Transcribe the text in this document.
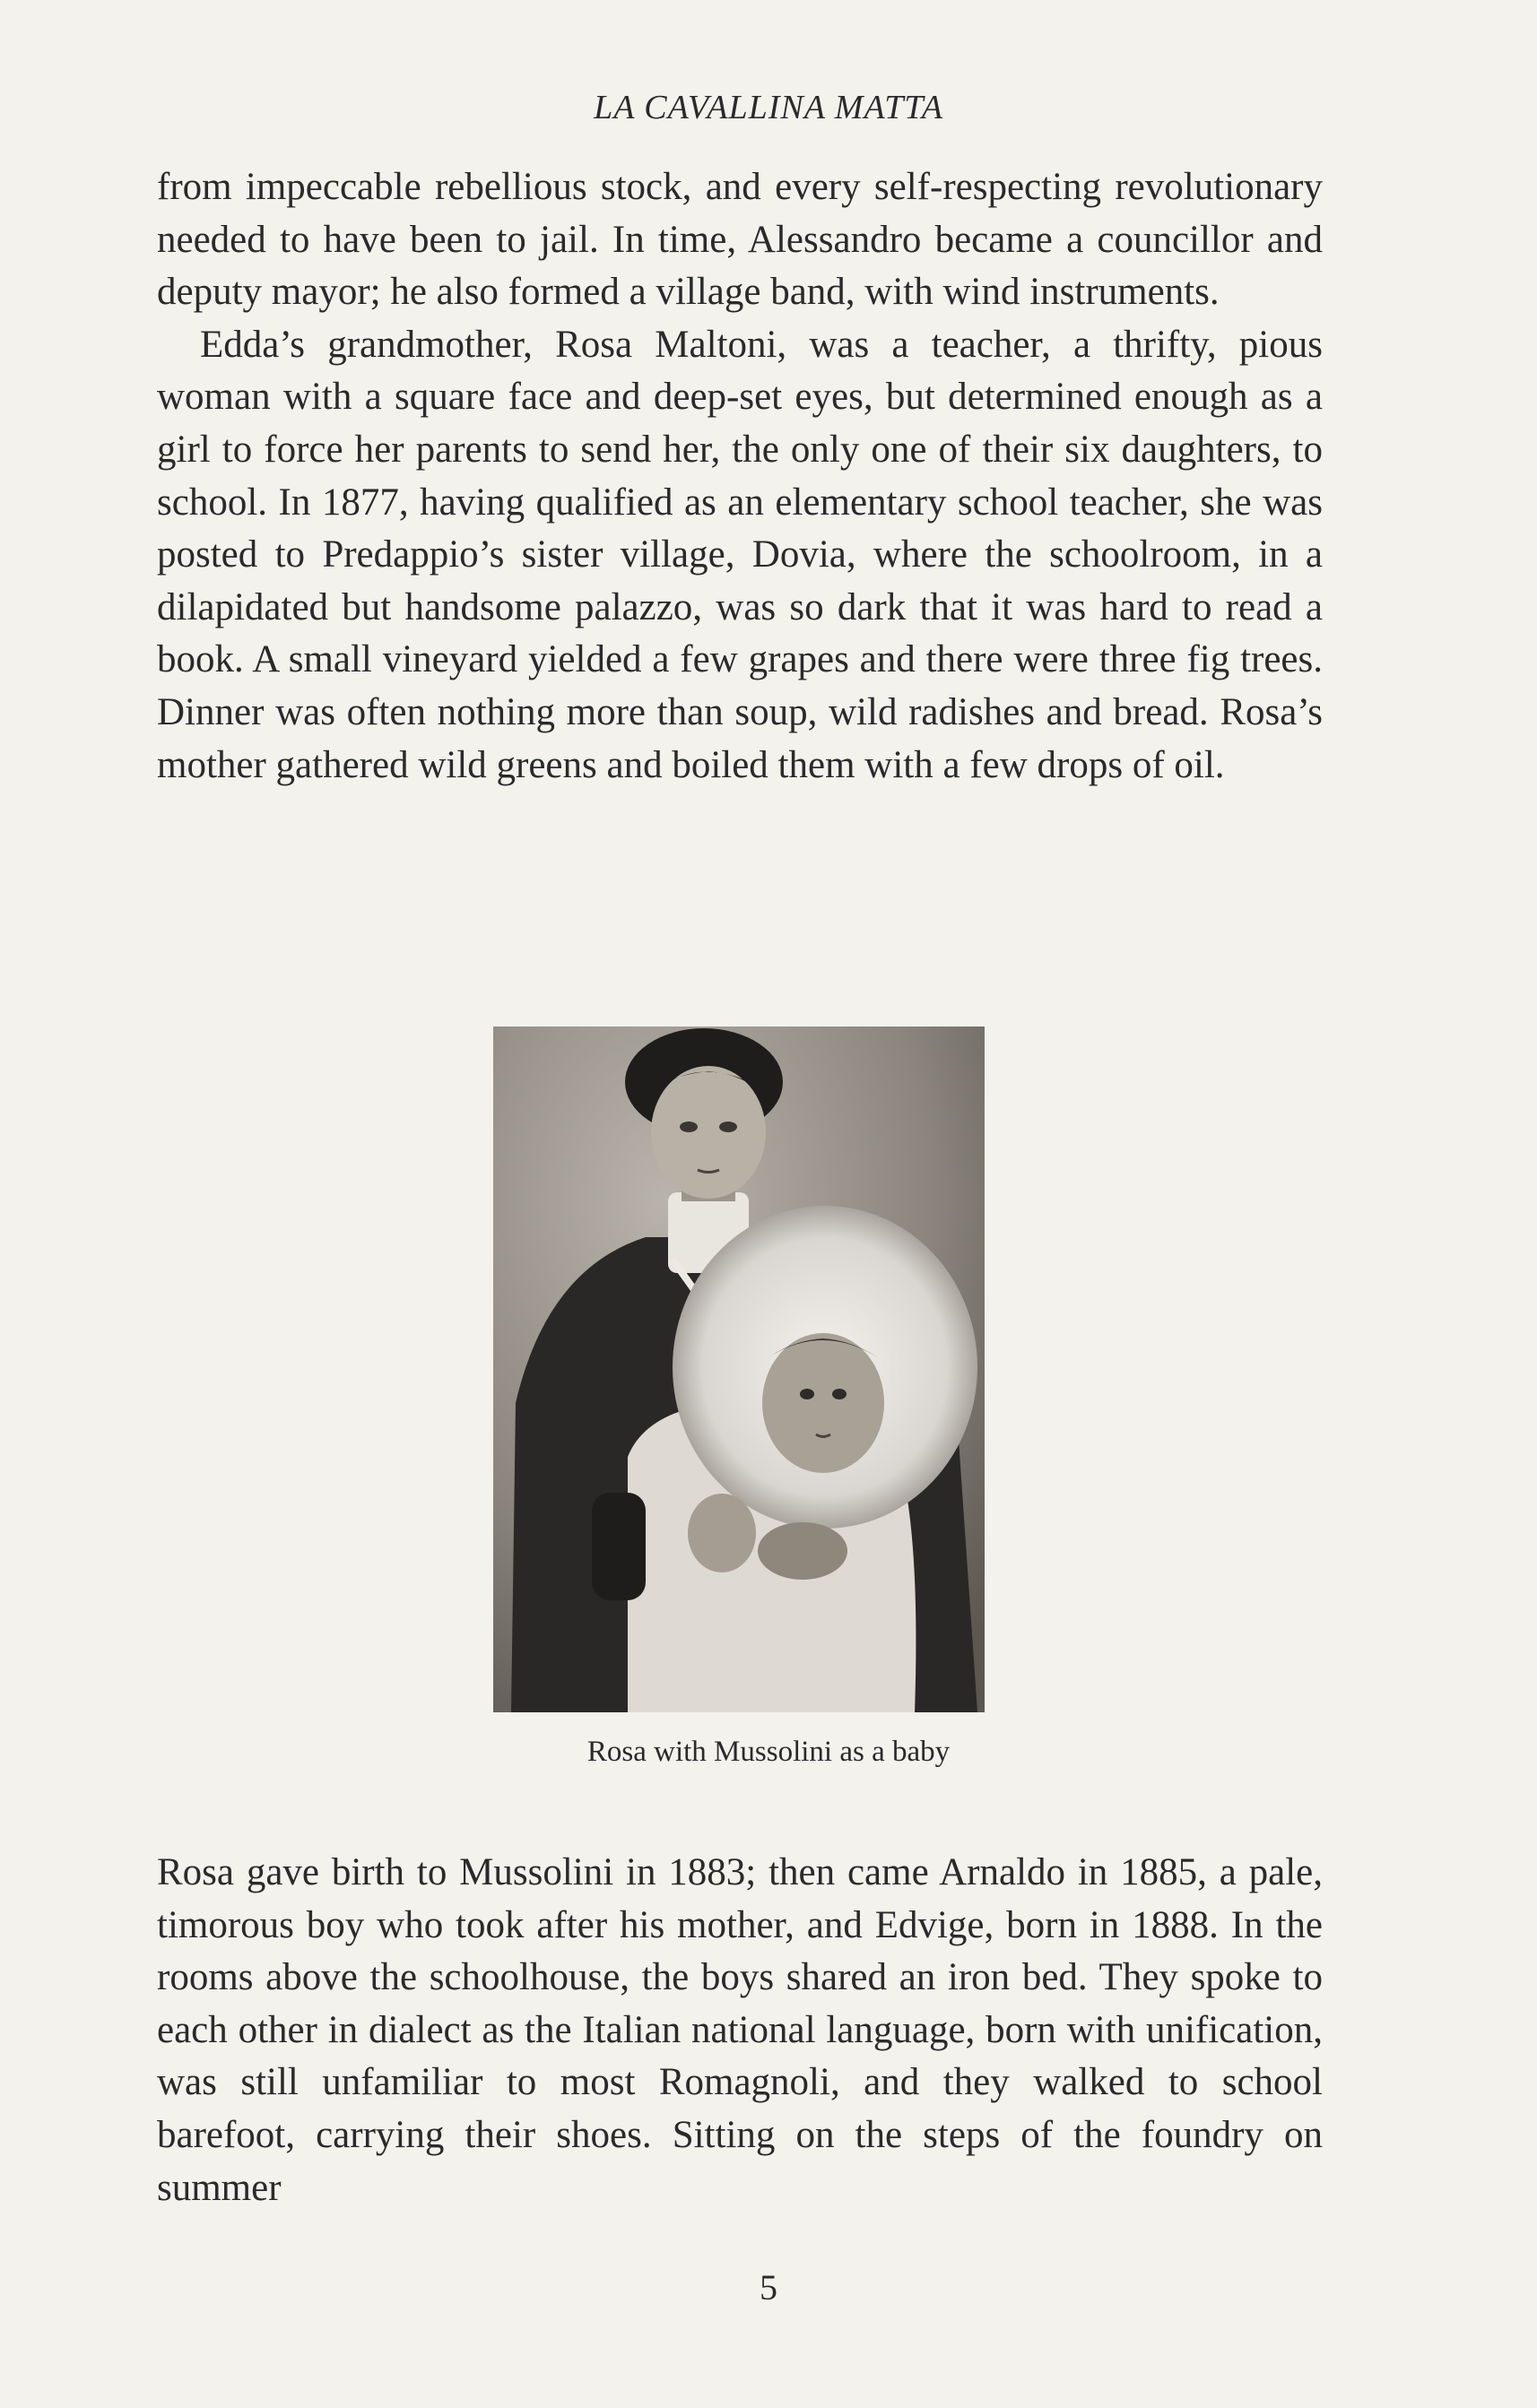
LA CAVALLINA MATTA

from impeccable rebellious stock, and every self-respecting revolutionary needed to have been to jail. In time, Alessandro became a councillor and deputy mayor; he also formed a village band, with wind instruments.

Edda’s grandmother, Rosa Maltoni, was a teacher, a thrifty, pious woman with a square face and deep-set eyes, but determined enough as a girl to force her parents to send her, the only one of their six daughters, to school. In 1877, having qualified as an elementary school teacher, she was posted to Predappio’s sister village, Dovia, where the schoolroom, in a dilapidated but handsome palazzo, was so dark that it was hard to read a book. A small vineyard yielded a few grapes and there were three fig trees. Dinner was often nothing more than soup, wild radishes and bread. Rosa’s mother gathered wild greens and boiled them with a few drops of oil.

Rosa with Mussolini as a baby

Rosa gave birth to Mussolini in 1883; then came Arnaldo in 1885, a pale, timorous boy who took after his mother, and Edvige, born in 1888. In the rooms above the schoolhouse, the boys shared an iron bed. They spoke to each other in dialect as the Italian national language, born with unification, was still unfamiliar to most Romagnoli, and they walked to school barefoot, carrying their shoes. Sitting on the steps of the foundry on summer

5
